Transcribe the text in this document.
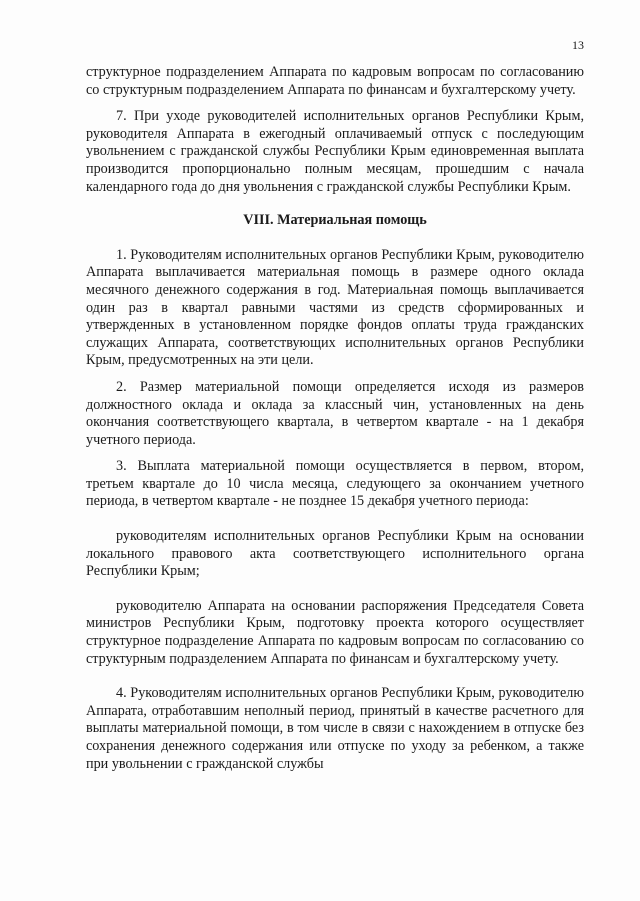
13

структурное подразделением Аппарата по кадровым вопросам по согласованию со структурным подразделением Аппарата по финансам и бухгалтерскому учету.

7. При уходе руководителей исполнительных органов Республики Крым, руководителя Аппарата в ежегодный оплачиваемый отпуск с последующим увольнением с гражданской службы Республики Крым единовременная выплата производится пропорционально полным месяцам, прошедшим с начала календарного года до дня увольнения с гражданской службы Республики Крым.

VIII. Материальная помощь

1. Руководителям исполнительных органов Республики Крым, руководителю Аппарата выплачивается материальная помощь в размере одного оклада месячного денежного содержания в год. Материальная помощь выплачивается один раз в квартал равными частями из средств сформированных и утвержденных в установленном порядке фондов оплаты труда гражданских служащих Аппарата, соответствующих исполнительных органов Республики Крым, предусмотренных на эти цели.

2. Размер материальной помощи определяется исходя из размеров должностного оклада и оклада за классный чин, установленных на день окончания соответствующего квартала, в четвертом квартале - на 1 декабря учетного периода.

3. Выплата материальной помощи осуществляется в первом, втором, третьем квартале до 10 числа месяца, следующего за окончанием учетного периода, в четвертом квартале - не позднее 15 декабря учетного периода:

руководителям исполнительных органов Республики Крым на основании локального правового акта соответствующего исполнительного органа Республики Крым;

руководителю Аппарата на основании распоряжения Председателя Совета министров Республики Крым, подготовку проекта которого осуществляет структурное подразделение Аппарата по кадровым вопросам по согласованию со структурным подразделением Аппарата по финансам и бухгалтерскому учету.

4. Руководителям исполнительных органов Республики Крым, руководителю Аппарата, отработавшим неполный период, принятый в качестве расчетного для выплаты материальной помощи, в том числе в связи с нахождением в отпуске без сохранения денежного содержания или отпуске по уходу за ребенком, а также при увольнении с гражданской службы
